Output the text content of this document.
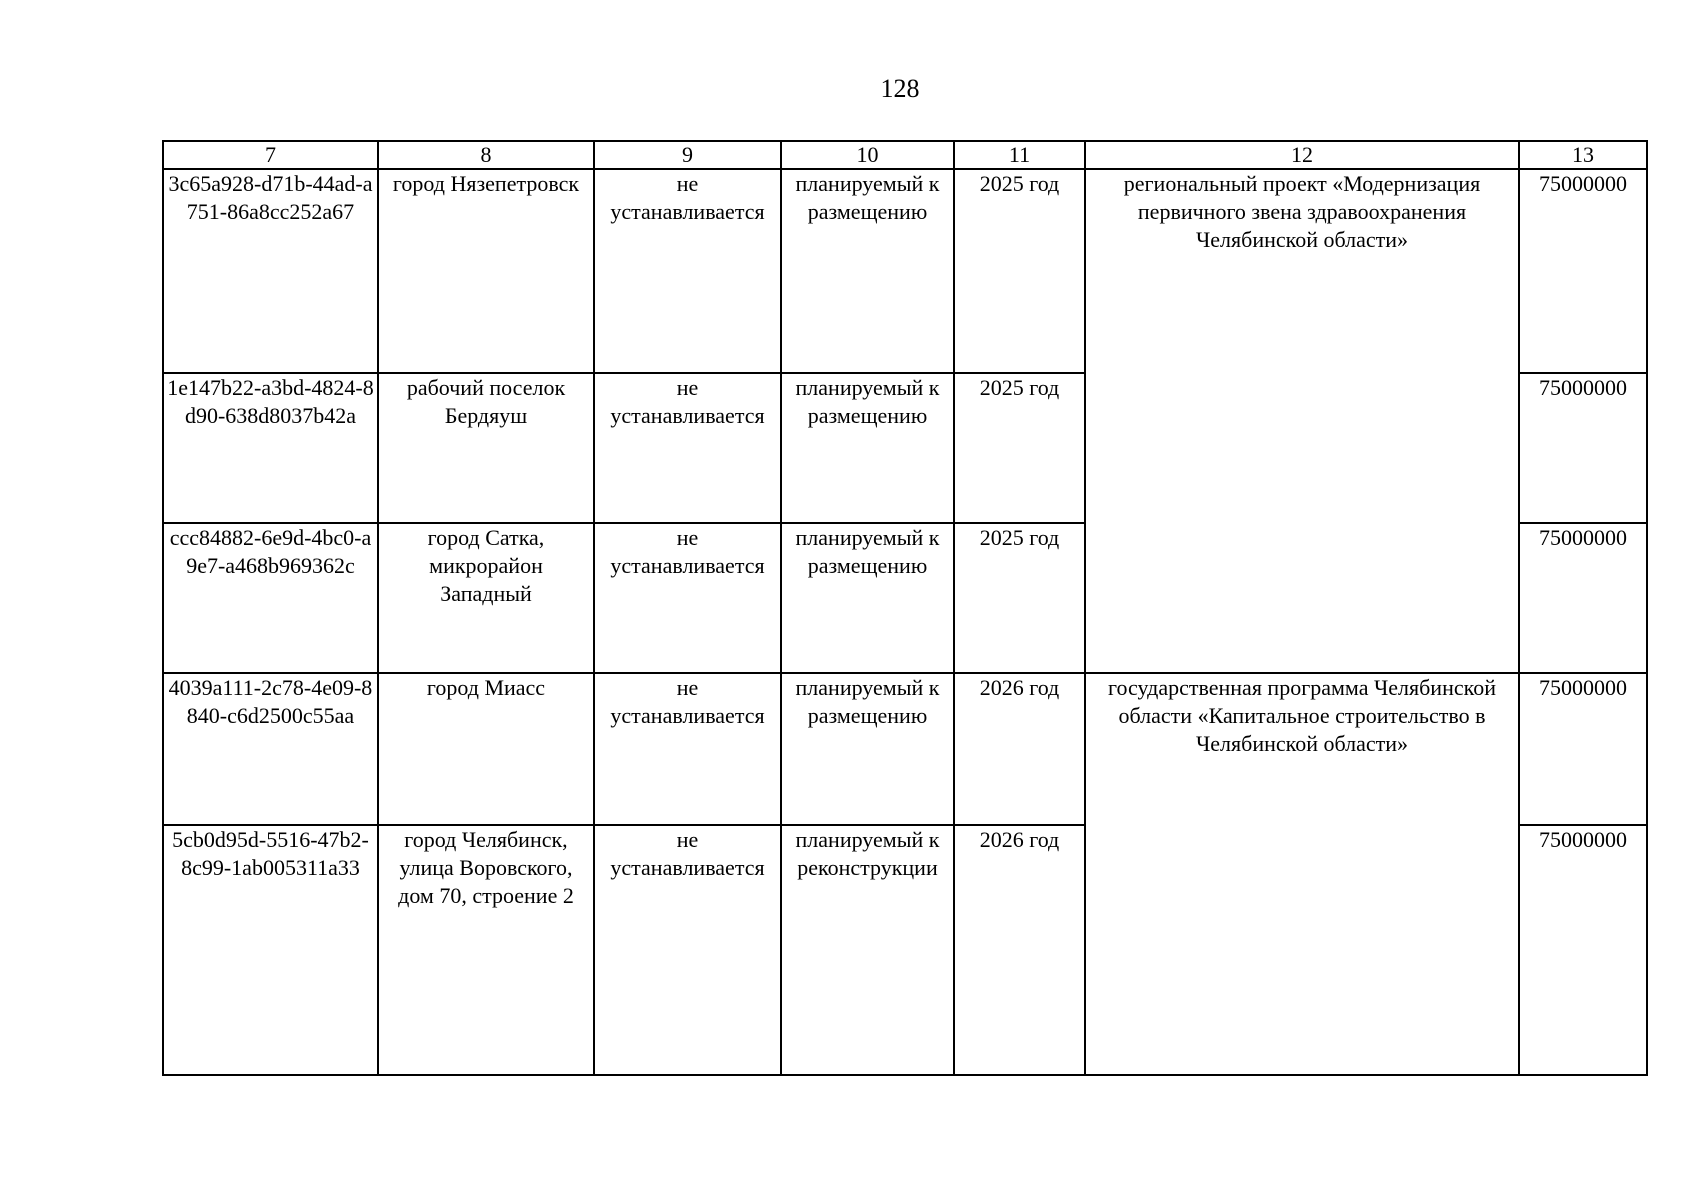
128
7	8	9	10	11	12	13
3c65a928-d71b-44ad-a751-86a8cc252a67	город Нязепетровск	не устанавливается	планируемый к размещению	2025 год	региональный проект «Модернизация первичного звена здравоохранения Челябинской области»	75000000
1e147b22-a3bd-4824-8d90-638d8037b42a	рабочий поселок Бердяуш	не устанавливается	планируемый к размещению	2025 год		75000000
ccc84882-6e9d-4bc0-a9e7-a468b969362c	город Сатка, микрорайон Западный	не устанавливается	планируемый к размещению	2025 год		75000000
4039a111-2c78-4e09-8840-c6d2500c55aa	город Миасс	не устанавливается	планируемый к размещению	2026 год	государственная программа Челябинской области «Капитальное строительство в Челябинской области»	75000000
5cb0d95d-5516-47b2-8c99-1ab005311a33	город Челябинск, улица Воровского, дом 70, строение 2	не устанавливается	планируемый к реконструкции	2026 год		75000000
